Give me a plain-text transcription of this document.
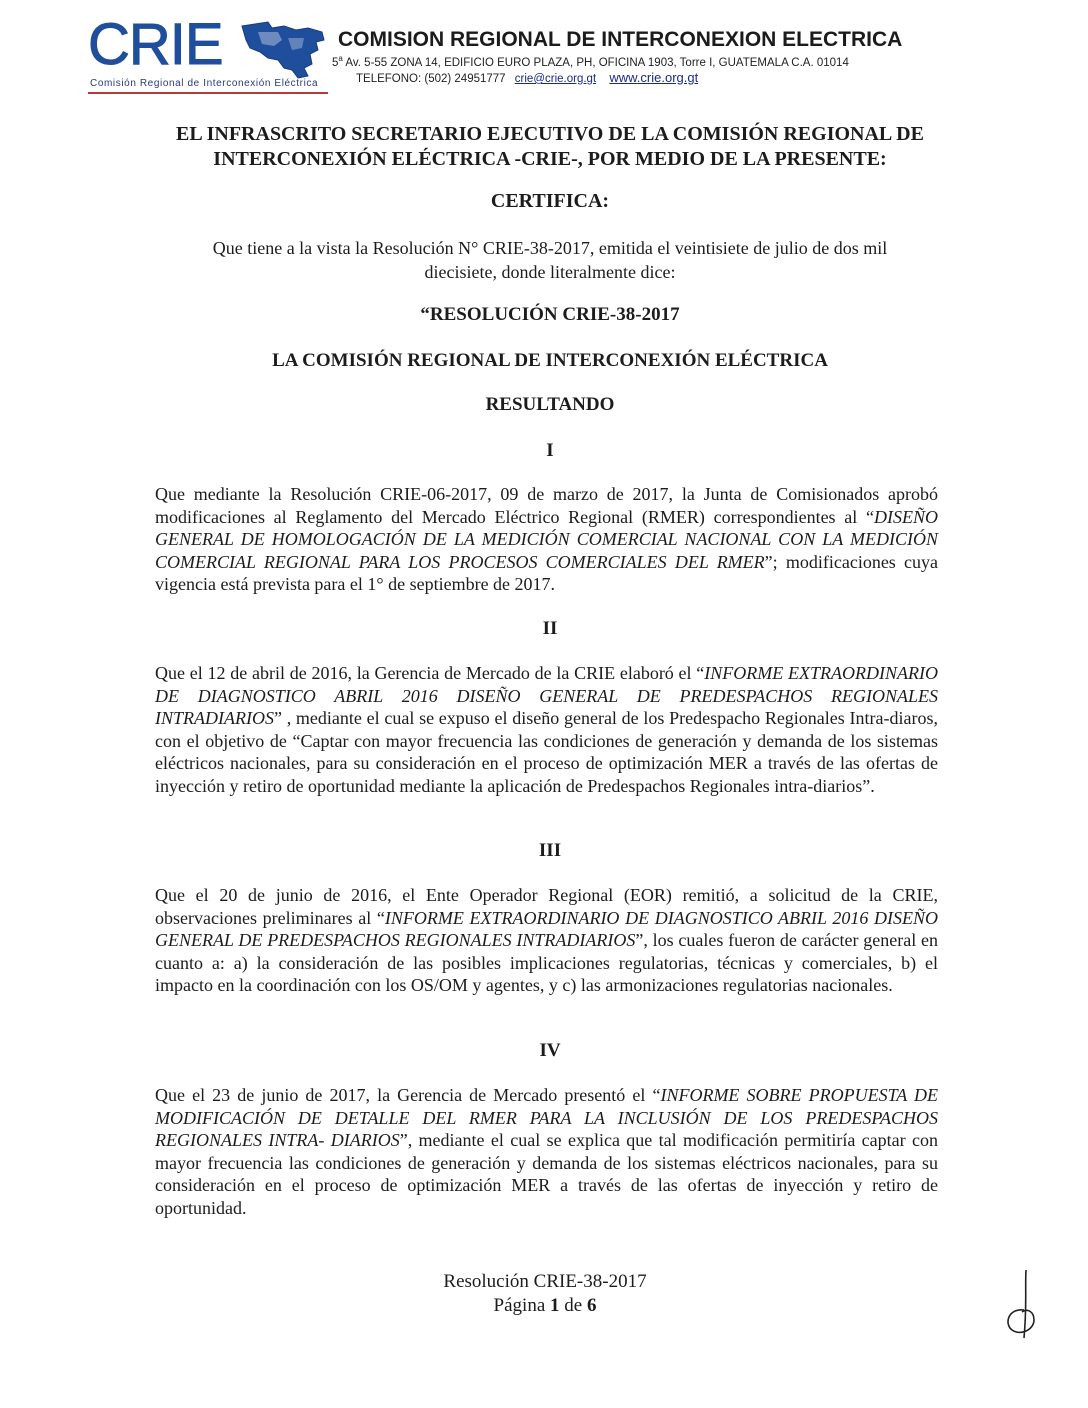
CRIE
Comisión Regional de Interconexión Eléctrica
COMISION REGIONAL DE INTERCONEXION ELECTRICA
5$^a$ Av. 5-55 ZONA 14, EDIFICIO EURO PLAZA, PH, OFICINA 1903, Torre I, GUATEMALA C.A. 01014
TELEFONO: (502) 24951777 crie@crie.org.gt www.crie.org.gt
EL INFRASCRITO SECRETARIO EJECUTIVO DE LA COMISIÓN REGIONAL DE
INTERCONEXIÓN ELÉCTRICA -CRIE-, POR MEDIO DE LA PRESENTE:
CERTIFICA:
Que tiene a la vista la Resolución N° CRIE-38-2017, emitida el veintisiete de julio de dos mil
diecisiete, donde literalmente dice:
“RESOLUCIÓN CRIE-38-2017
LA COMISIÓN REGIONAL DE INTERCONEXIÓN ELÉCTRICA
RESULTANDO
I
Que mediante la Resolución CRIE-06-2017, 09 de marzo de 2017, la Junta de Comisionados aprobó modificaciones al Reglamento del Mercado Eléctrico Regional (RMER) correspondientes al “DISEÑO GENERAL DE HOMOLOGACIÓN DE LA MEDICIÓN COMERCIAL NACIONAL CON LA MEDICIÓN COMERCIAL REGIONAL PARA LOS PROCESOS COMERCIALES DEL RMER”; modificaciones cuya vigencia está prevista para el 1° de septiembre de 2017.
II
Que el 12 de abril de 2016, la Gerencia de Mercado de la CRIE elaboró el “INFORME EXTRAORDINARIO DE DIAGNOSTICO ABRIL 2016 DISEÑO GENERAL DE PREDESPACHOS REGIONALES INTRADIARIOS” , mediante el cual se expuso el diseño general de los Predespacho Regionales Intra-diaros, con el objetivo de “Captar con mayor frecuencia las condiciones de generación y demanda de los sistemas eléctricos nacionales, para su consideración en el proceso de optimización MER a través de las ofertas de inyección y retiro de oportunidad mediante la aplicación de Predespachos Regionales intra-diarios”.
III
Que el 20 de junio de 2016, el Ente Operador Regional (EOR) remitió, a solicitud de la CRIE, observaciones preliminares al “INFORME EXTRAORDINARIO DE DIAGNOSTICO ABRIL 2016 DISEÑO GENERAL DE PREDESPACHOS REGIONALES INTRADIARIOS”, los cuales fueron de carácter general en cuanto a: a) la consideración de las posibles implicaciones regulatorias, técnicas y comerciales, b) el impacto en la coordinación con los OS/OM y agentes, y c) las armonizaciones regulatorias nacionales.
IV
Que el 23 de junio de 2017, la Gerencia de Mercado presentó el “INFORME SOBRE PROPUESTA DE MODIFICACIÓN DE DETALLE DEL RMER PARA LA INCLUSIÓN DE LOS PREDESPACHOS REGIONALES INTRA- DIARIOS”, mediante el cual se explica que tal modificación permitiría captar con mayor frecuencia las condiciones de generación y demanda de los sistemas eléctricos nacionales, para su consideración en el proceso de optimización MER a través de las ofertas de inyección y retiro de oportunidad.
Resolución CRIE-38-2017
Página 1 de 6
